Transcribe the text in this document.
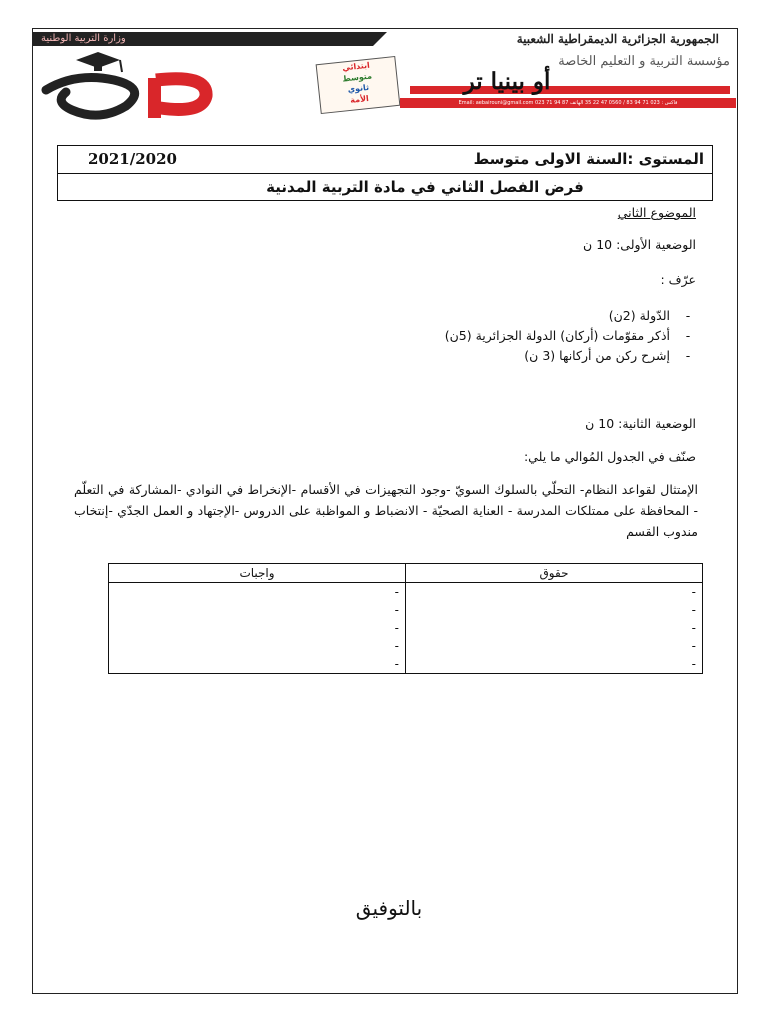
وزارة التربية الوطنية	الجمهورية الجزائرية الديمقراطية الشعبية
OP
ابتدائي
متوسط
ثانوي
الأمة
مؤسسة التربية و التعليم الخاصة
أو بينيا تر
Email: aebairouni@gmail.com 023 71 94 87 فاكس : 023 71 94 83 / 0560 47 22 35 الهاتف
المستوى :السنة الاولى متوسط
2021/2020
فرض الفصل الثاني في مادة التربية المدنية
الموضوع الثاني
الوضعية الأولى: 10 ن
عرّف :
-الدّولة (2ن)
-أذكر مقوّمات (أركان) الدولة الجزائرية (5ن)
-إشرح ركن من أركانها (3 ن)
الوضعية الثانية: 10 ن
صنّف في الجدول المُوالي ما يلي:
الإمتثال لقواعد النظام- التحلّي بالسلوك السويّ -وجود التجهيزات في الأقسام -الإنخراط في النوادي -المشاركة في التعلّم - المحافظة على ممتلكات المدرسة - العناية الصحيّة - الانضباط و المواظبة على الدروس -الإجتهاد و العمل الجدّي -إنتخاب مندوب القسم
واجبات	حقوق
-	-
-	-
-	-
-	-
-	-
بالتوفيق
